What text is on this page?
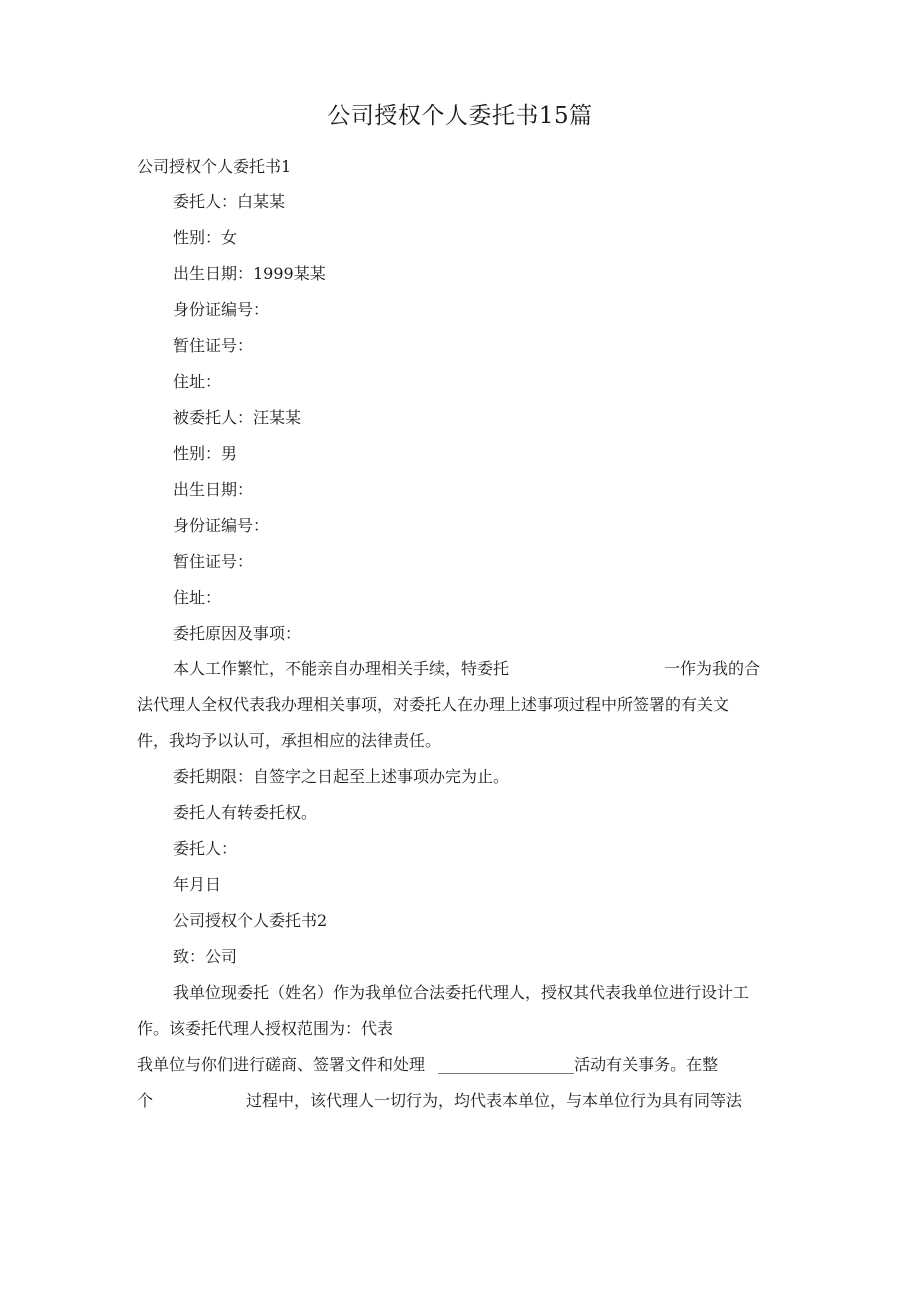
公司授权个人委托书15篇
公司授权个人委托书1
委托人：白某某
性别：女
出生日期：1999某某
身份证编号：
暂住证号：
住址：
被委托人：汪某某
性别：男
出生日期：
身份证编号：
暂住证号：
住址：
委托原因及事项：
本人工作繁忙，不能亲自办理相关手续，特委托	一作为我的合
法代理人全权代表我办理相关事项，对委托人在办理上述事项过程中所签署的有关文
件，我均予以认可，承担相应的法律责任。
委托期限：自签字之日起至上述事项办完为止。
委托人有转委托权。
委托人：
年月日
公司授权个人委托书2
致：公司
我单位现委托（姓名）作为我单位合法委托代理人，授权其代表我单位进行设计工
作。该委托代理人授权范围为：代表
我单位与你们进行磋商、签署文件和处理 _________________活动有关事务。在整
个	过程中，该代理人一切行为，均代表本单位，与本单位行为具有同等法
